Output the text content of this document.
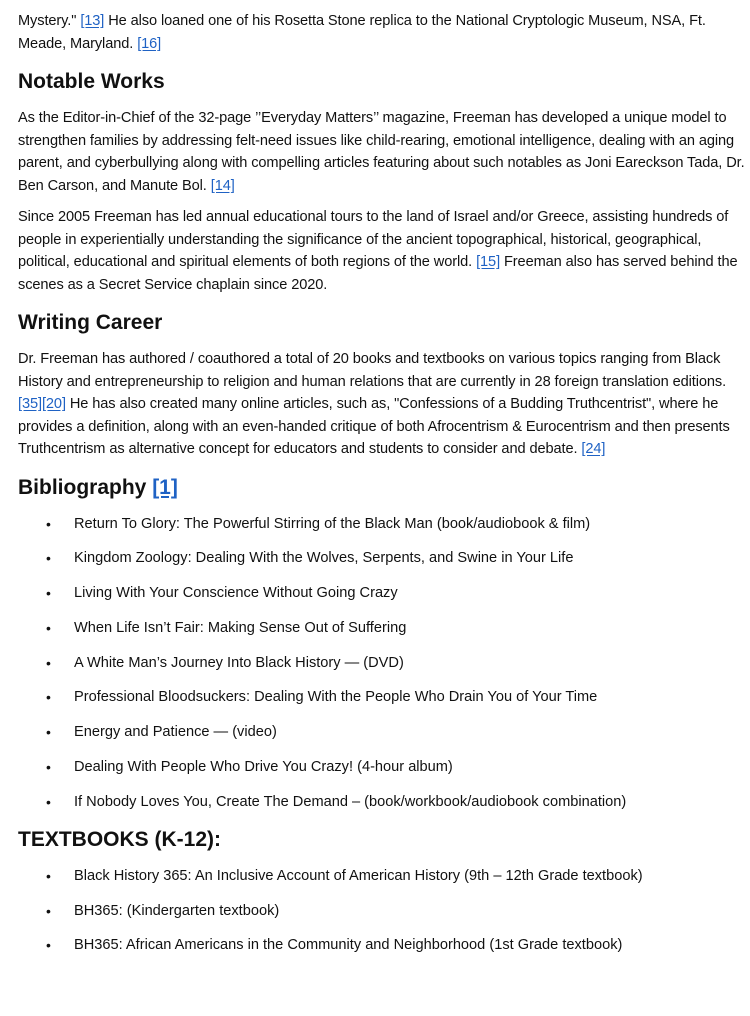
Mystery." [13] He also loaned one of his Rosetta Stone replica to the National Cryptologic Museum, NSA, Ft. Meade, Maryland. [16]

Notable Works

As the Editor-in-Chief of the 32-page ’’Everyday Matters’’ magazine, Freeman has developed a unique model to strengthen families by addressing felt-need issues like child-rearing, emotional intelligence, dealing with an aging parent, and cyberbullying along with compelling articles featuring about such notables as Joni Eareckson Tada, Dr. Ben Carson, and Manute Bol. [14]

Since 2005 Freeman has led annual educational tours to the land of Israel and/or Greece, assisting hundreds of people in experientially understanding the significance of the ancient topographical, historical, geographical, political, educational and spiritual elements of both regions of the world. [15] Freeman also has served behind the scenes as a Secret Service chaplain since 2020.

Writing Career

Dr. Freeman has authored / coauthored a total of 20 books and textbooks on various topics ranging from Black History and entrepreneurship to religion and human relations that are currently in 28 foreign translation editions. [35][20] He has also created many online articles, such as, "Confessions of a Budding Truthcentrist", where he provides a definition, along with an even-handed critique of both Afrocentrism & Eurocentrism and then presents Truthcentrism as alternative concept for educators and students to consider and debate. [24]

Bibliography [1]
• Return To Glory: The Powerful Stirring of the Black Man (book/audiobook & film)
• Kingdom Zoology: Dealing With the Wolves, Serpents, and Swine in Your Life
• Living With Your Conscience Without Going Crazy
• When Life Isn’t Fair: Making Sense Out of Suffering
• A White Man’s Journey Into Black History — (DVD)
• Professional Bloodsuckers: Dealing With the People Who Drain You of Your Time
• Energy and Patience — (video)
• Dealing With People Who Drive You Crazy! (4-hour album)
• If Nobody Loves You, Create The Demand – (book/workbook/audiobook combination)
TEXTBOOKS (K-12):
• Black History 365: An Inclusive Account of American History (9th – 12th Grade textbook)
• BH365: (Kindergarten textbook)
• BH365: African Americans in the Community and Neighborhood (1st Grade textbook)
